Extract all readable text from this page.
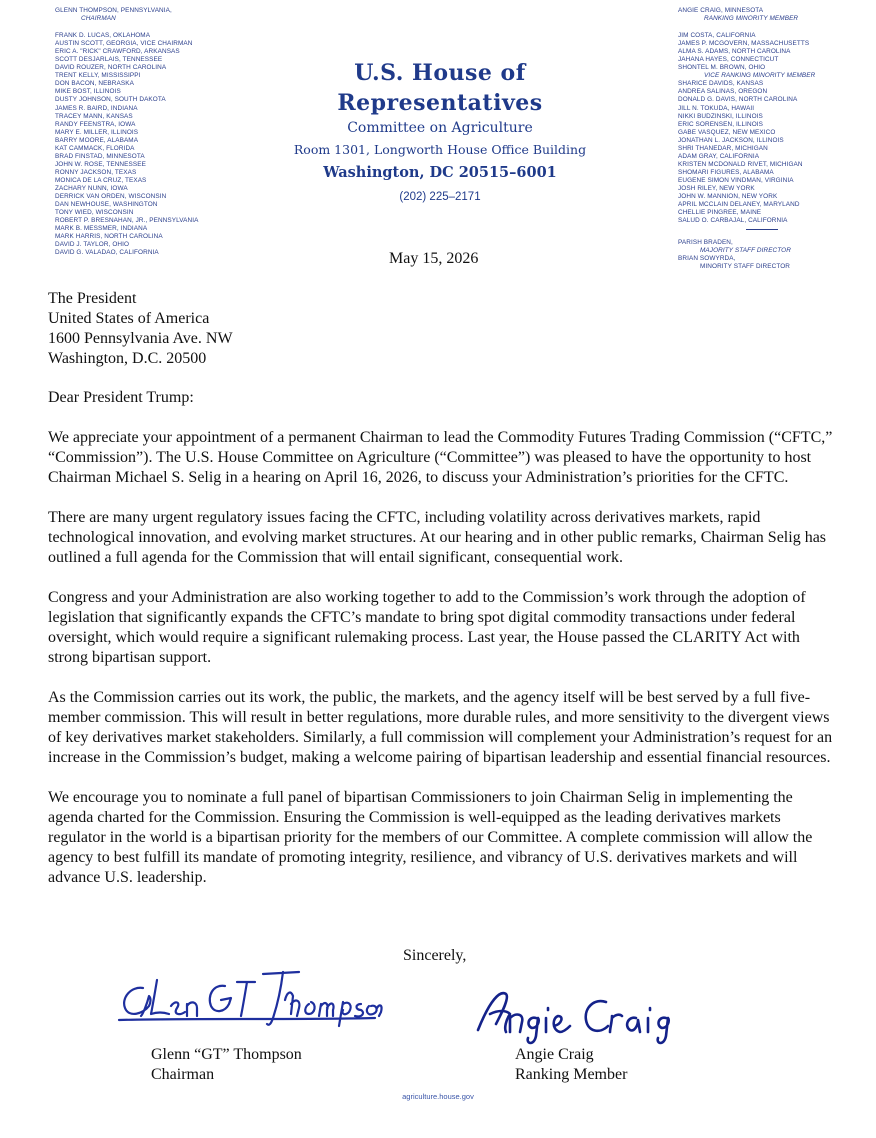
GLENN THOMPSON, PENNSYLVANIA,
CHAIRMAN
FRANK D. LUCAS, OKLAHOMA
AUSTIN SCOTT, GEORGIA, VICE CHAIRMAN
ERIC A. "RICK" CRAWFORD, ARKANSAS
SCOTT DESJARLAIS, TENNESSEE
DAVID ROUZER, NORTH CAROLINA
TRENT KELLY, MISSISSIPPI
DON BACON, NEBRASKA
MIKE BOST, ILLINOIS
DUSTY JOHNSON, SOUTH DAKOTA
JAMES R. BAIRD, INDIANA
TRACEY MANN, KANSAS
RANDY FEENSTRA, IOWA
MARY E. MILLER, ILLINOIS
BARRY MOORE, ALABAMA
KAT CAMMACK, FLORIDA
BRAD FINSTAD, MINNESOTA
JOHN W. ROSE, TENNESSEE
RONNY JACKSON, TEXAS
MONICA DE LA CRUZ, TEXAS
ZACHARY NUNN, IOWA
DERRICK VAN ORDEN, WISCONSIN
DAN NEWHOUSE, WASHINGTON
TONY WIED, WISCONSIN
ROBERT P. BRESNAHAN, JR., PENNSYLVANIA
MARK B. MESSMER, INDIANA
MARK HARRIS, NORTH CAROLINA
DAVID J. TAYLOR, OHIO
DAVID G. VALADAO, CALIFORNIA
ANGIE CRAIG, MINNESOTA
RANKING MINORITY MEMBER
JIM COSTA, CALIFORNIA
JAMES P. MCGOVERN, MASSACHUSETTS
ALMA S. ADAMS, NORTH CAROLINA
JAHANA HAYES, CONNECTICUT
SHONTEL M. BROWN, OHIO
VICE RANKING MINORITY MEMBER
SHARICE DAVIDS, KANSAS
ANDREA SALINAS, OREGON
DONALD G. DAVIS, NORTH CAROLINA
JILL N. TOKUDA, HAWAII
NIKKI BUDZINSKI, ILLINOIS
ERIC SORENSEN, ILLINOIS
GABE VASQUEZ, NEW MEXICO
JONATHAN L. JACKSON, ILLINOIS
SHRI THANEDAR, MICHIGAN
ADAM GRAY, CALIFORNIA
KRISTEN MCDONALD RIVET, MICHIGAN
SHOMARI FIGURES, ALABAMA
EUGENE SIMON VINDMAN, VIRGINIA
JOSH RILEY, NEW YORK
JOHN W. MANNION, NEW YORK
APRIL MCCLAIN DELANEY, MARYLAND
CHELLIE PINGREE, MAINE
SALUD O. CARBAJAL, CALIFORNIA
PARISH BRADEN,
MAJORITY STAFF DIRECTOR
BRIAN SOWYRDA,
MINORITY STAFF DIRECTOR
U.S. House of Representatives
Committee on Agriculture
Room 1301, Longworth House Office Building
Washington, DC 20515–6001
(202) 225–2171
May 15, 2026
The President
United States of America
1600 Pennsylvania Ave. NW
Washington, D.C. 20500
Dear President Trump:

We appreciate your appointment of a permanent Chairman to lead the Commodity Futures Trading Commission (“CFTC,” “Commission”). The U.S. House Committee on Agriculture (“Committee”) was pleased to have the opportunity to host Chairman Michael S. Selig in a hearing on April 16, 2026, to discuss your Administration’s priorities for the CFTC.

There are many urgent regulatory issues facing the CFTC, including volatility across derivatives markets, rapid technological innovation, and evolving market structures. At our hearing and in other public remarks, Chairman Selig has outlined a full agenda for the Commission that will entail significant, consequential work.

Congress and your Administration are also working together to add to the Commission’s work through the adoption of legislation that significantly expands the CFTC’s mandate to bring spot digital commodity transactions under federal oversight, which would require a significant rulemaking process. Last year, the House passed the CLARITY Act with strong bipartisan support.

As the Commission carries out its work, the public, the markets, and the agency itself will be best served by a full five-member commission. This will result in better regulations, more durable rules, and more sensitivity to the divergent views of key derivatives market stakeholders. Similarly, a full commission will complement your Administration’s request for an increase in the Commission’s budget, making a welcome pairing of bipartisan leadership and essential financial resources.

We encourage you to nominate a full panel of bipartisan Commissioners to join Chairman Selig in implementing the agenda charted for the Commission. Ensuring the Commission is well-equipped as the leading derivatives markets regulator in the world is a bipartisan priority for the members of our Committee. A complete commission will allow the agency to best fulfill its mandate of promoting integrity, resilience, and vibrancy of U.S. derivatives markets and will advance U.S. leadership.

Sincerely,
Glenn “GT” Thompson
Chairman
Angie Craig
Ranking Member
agriculture.house.gov
